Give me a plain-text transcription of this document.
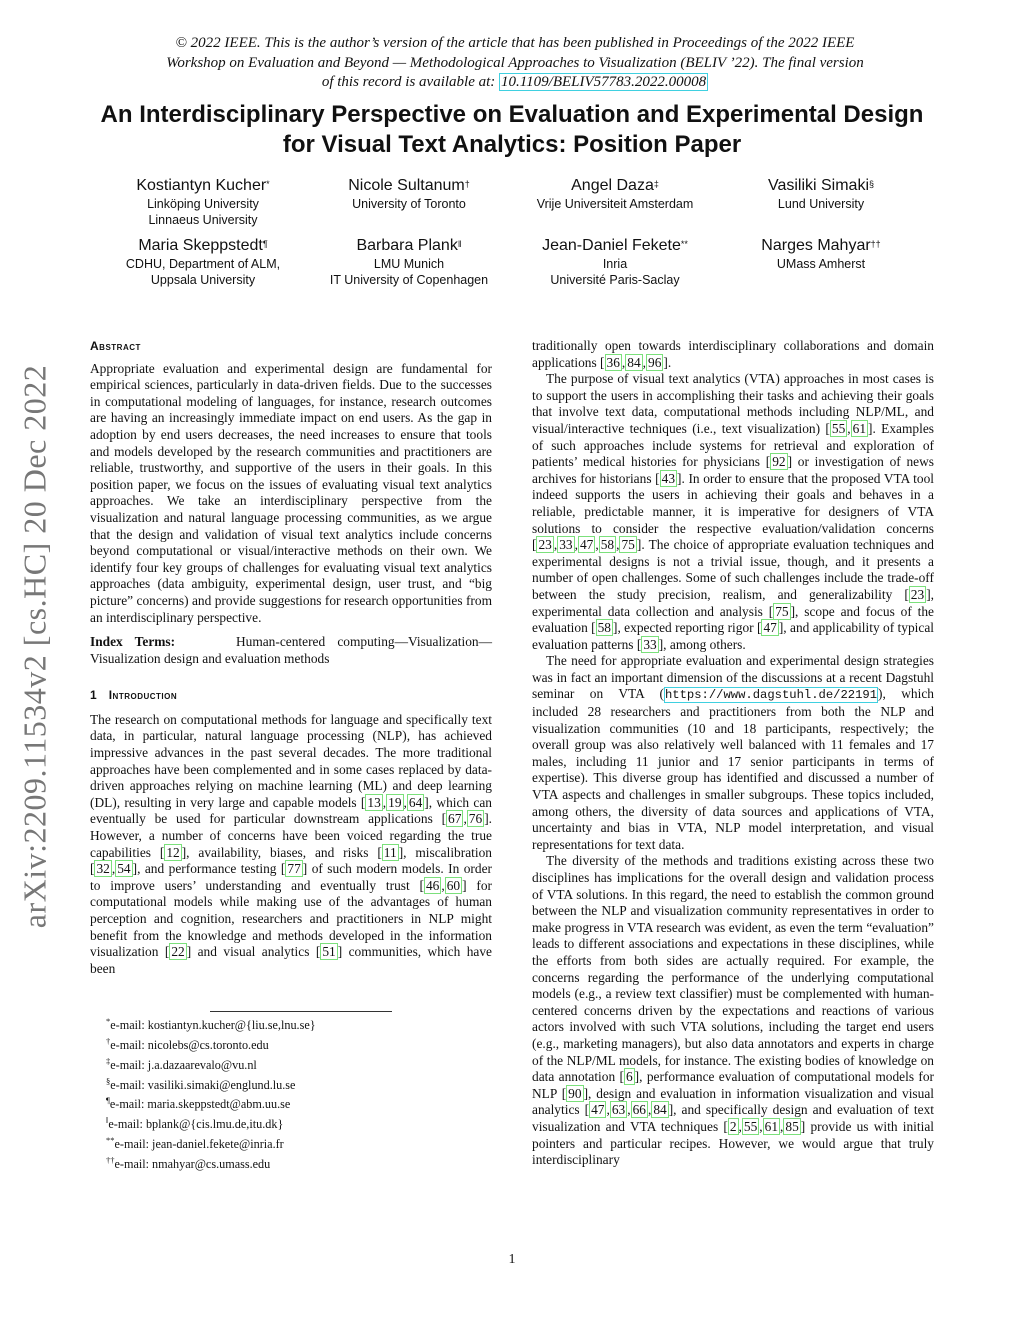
© 2022 IEEE. This is the author’s version of the article that has been published in Proceedings of the 2022 IEEE
Workshop on Evaluation and Beyond — Methodological Approaches to Visualization (BELIV ’22). The final version
of this record is available at: 10.1109/BELIV57783.2022.00008
An Interdisciplinary Perspective on Evaluation and Experimental Design
for Visual Text Analytics: Position Paper
Kostiantyn Kucher*
Linköping University
Linnaeus University
Nicole Sultanum†
University of Toronto
Angel Daza‡
Vrije Universiteit Amsterdam
Vasiliki Simaki§
Lund University
Maria Skeppstedt¶
CDHU, Department of ALM,
Uppsala University
Barbara Plank‖
LMU Munich
IT University of Copenhagen
Jean-Daniel Fekete**
Inria
Université Paris-Saclay
Narges Mahyar††
UMass Amherst
arXiv:2209.11534v2 [cs.HC] 20 Dec 2022
Abstract

Appropriate evaluation and experimental design are fundamental for empirical sciences, particularly in data-driven fields. Due to the successes in computational modeling of languages, for instance, research outcomes are having an increasingly immediate impact on end users. As the gap in adoption by end users decreases, the need increases to ensure that tools and models developed by the research communities and practitioners are reliable, trustworthy, and supportive of the users in their goals. In this position paper, we focus on the issues of evaluating visual text analytics approaches. We take an interdisciplinary perspective from the visualization and natural language processing communities, as we argue that the design and validation of visual text analytics include concerns beyond computational or visual/interactive methods on their own. We identify four key groups of challenges for evaluating visual text analytics approaches (data ambiguity, experimental design, user trust, and “big picture” concerns) and provide suggestions for research opportunities from an interdisciplinary perspective.

Index Terms:	Human-centered computing—Visualization—Visualization design and evaluation methods

1 Introduction

The research on computational methods for language and specifically text data, in particular, natural language processing (NLP), has achieved impressive advances in the past several decades. The more traditional approaches have been complemented and in some cases replaced by data-driven approaches relying on machine learning (ML) and deep learning (DL), resulting in very large and capable models [ 13 , 19 , 64 ], which can eventually be used for particular downstream applications [ 67 , 76 ]. However, a number of concerns have been voiced regarding the true capabilities [ 12 ], availability, biases, and risks [ 11 ], miscalibration [ 32 , 54 ], and performance testing [ 77 ] of such modern models. In order to improve users’ understanding and eventually trust [ 46 , 60 ] for computational models while making use of the advantages of human perception and cognition, researchers and practitioners in NLP might benefit from the knowledge and methods developed in the information visualization [ 22 ] and visual analytics [ 51 ] communities, which have been

traditionally open towards interdisciplinary collaborations and domain applications [ 36 , 84 , 96 ].

The purpose of visual text analytics (VTA) approaches in most cases is to support the users in accomplishing their tasks and achieving their goals that involve text data, computational methods including NLP/ML, and visual/interactive techniques (i.e., text visualization) [ 55 , 61 ]. Examples of such approaches include systems for retrieval and exploration of patients’ medical histories for physicians [ 92 ] or investigation of news archives for historians [ 43 ]. In order to ensure that the proposed VTA tool indeed supports the users in achieving their goals and behaves in a reliable, predictable manner, it is imperative for designers of VTA solutions to consider the respective evaluation/validation concerns [ 23 , 33 , 47 , 58 , 75 ]. The choice of appropriate evaluation techniques and experimental designs is not a trivial issue, though, and it presents a number of open challenges. Some of such challenges include the trade-off between the study precision, realism, and generalizability [ 23 ], experimental data collection and analysis [ 75 ], scope and focus of the evaluation [ 58 ], expected reporting rigor [ 47 ], and applicability of typical evaluation patterns [ 33 ], among others.

The need for appropriate evaluation and experimental design strategies was in fact an important dimension of the discussions at a recent Dagstuhl seminar on VTA (https://www.dagstuhl.de/22191), which included 28 researchers and practitioners from both the NLP and visualization communities (10 and 18 participants, respectively; the overall group was also relatively well balanced with 11 females and 17 males, including 11 junior and 17 senior participants in terms of expertise). This diverse group has identified and discussed a number of VTA aspects and challenges in smaller subgroups. These topics included, among others, the diversity of data sources and applications of VTA, uncertainty and bias in VTA, NLP model interpretation, and visual representations for text data.

The diversity of the methods and traditions existing across these two disciplines has implications for the overall design and validation process of VTA solutions. In this regard, the need to establish the common ground between the NLP and visualization community representatives in order to make progress in VTA research was evident, as even the term “evaluation” leads to different associations and expectations in these disciplines, while the efforts from both sides are actually required. For example, the concerns regarding the performance of the underlying computational models (e.g., a review text classifier) must be complemented with human-centered concerns driven by the expectations and reactions of various actors involved with such VTA solutions, including the target end users (e.g., marketing managers), but also data annotators and experts in charge of the NLP/ML models, for instance. The existing bodies of knowledge on data annotation [ 6 ], performance evaluation of computational models for NLP [ 90 ], design and evaluation in information visualization and visual analytics [ 47 , 63 , 66 , 84 ], and specifically design and evaluation of text visualization and VTA techniques [ 2 , 55 , 61 , 85 ] provide us with initial pointers and particular recipes. However, we would argue that truly interdisciplinary

*e-mail: kostiantyn.kucher@{liu.se,lnu.se}
†e-mail: nicolebs@cs.toronto.edu
‡e-mail: j.a.dazaarevalo@vu.nl
§e-mail: vasiliki.simaki@englund.lu.se
¶e-mail: maria.skeppstedt@abm.uu.se
‖e-mail: bplank@{cis.lmu.de,itu.dk}
**e-mail: jean-daniel.fekete@inria.fr
††e-mail: nmahyar@cs.umass.edu
1
